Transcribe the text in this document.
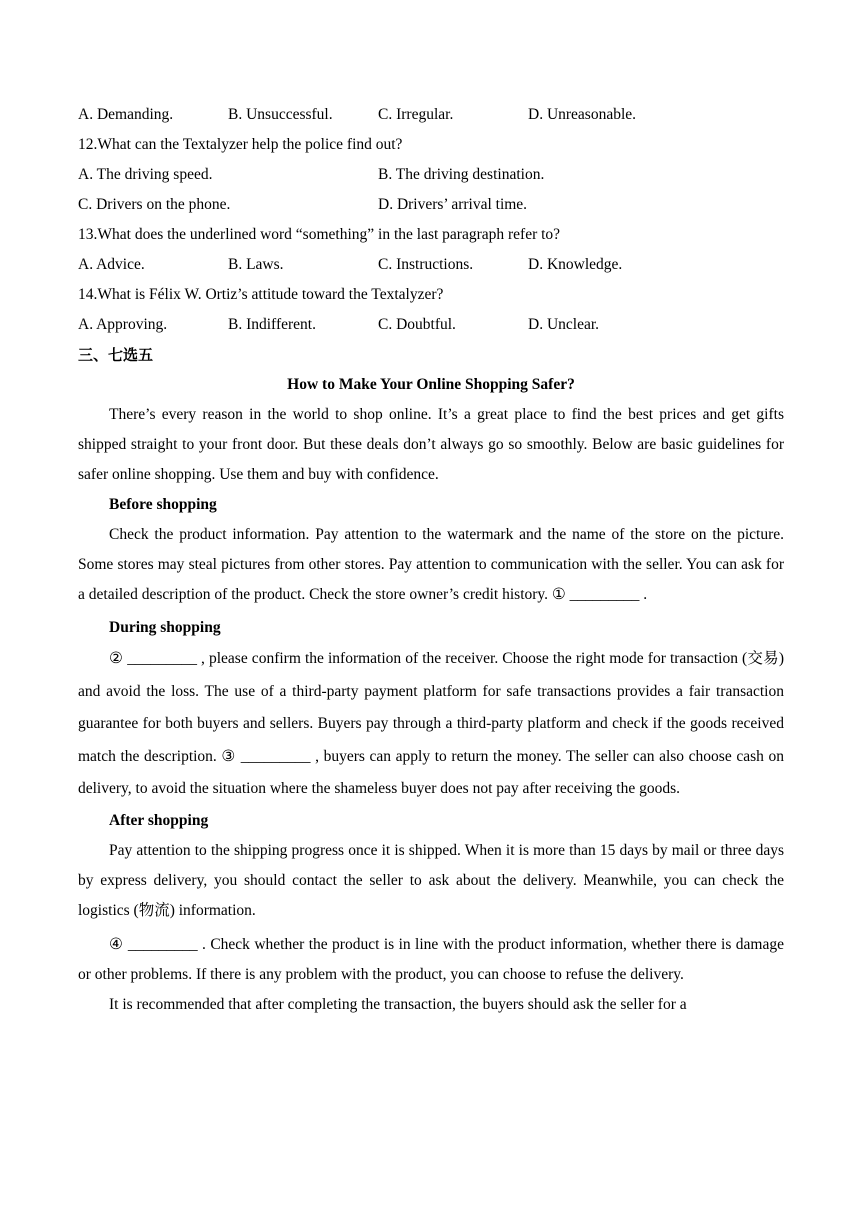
A. Demanding.	B. Unsuccessful.	C. Irregular.	D. Unreasonable.
12.What can the Textalyzer help the police find out?
A. The driving speed.	B. The driving destination.
C. Drivers on the phone.	D. Drivers’ arrival time.
13.What does the underlined word “something” in the last paragraph refer to?
A. Advice.	B. Laws.	C. Instructions.	D. Knowledge.
14.What is Félix W. Ortiz’s attitude toward the Textalyzer?
A. Approving.	B. Indifferent.	C. Doubtful.	D. Unclear.
三、七选五
How to Make Your Online Shopping Safer?

There’s every reason in the world to shop online. It’s a great place to find the best prices and get gifts shipped straight to your front door. But these deals don’t always go so smoothly. Below are basic guidelines for safer online shopping. Use them and buy with confidence.

Before shopping

Check the product information. Pay attention to the watermark and the name of the store on the picture. Some stores may steal pictures from other stores. Pay attention to communication with the seller. You can ask for a detailed description of the product. Check the store owner’s credit history. ① _________ .

During shopping

② _________ , please confirm the information of the receiver. Choose the right mode for transaction (交易) and avoid the loss. The use of a third-party payment platform for safe transactions provides a fair transaction guarantee for both buyers and sellers. Buyers pay through a third-party platform and check if the goods received match the description. ③ _________ , buyers can apply to return the money. The seller can also choose cash on delivery, to avoid the situation where the shameless buyer does not pay after receiving the goods.

After shopping

Pay attention to the shipping progress once it is shipped. When it is more than 15 days by mail or three days by express delivery, you should contact the seller to ask about the delivery. Meanwhile, you can check the logistics (物流) information.

④ _________ . Check whether the product is in line with the product information, whether there is damage or other problems. If there is any problem with the product, you can choose to refuse the delivery.

It is recommended that after completing the transaction, the buyers should ask the seller for a
